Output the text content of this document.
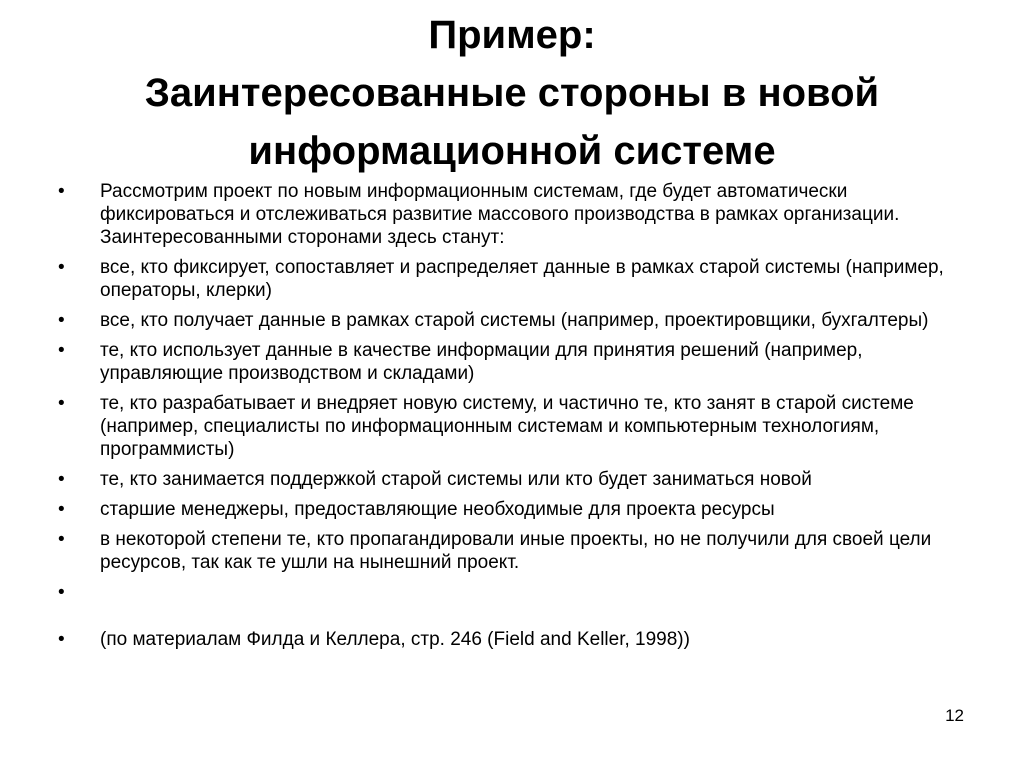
Пример:
Заинтересованные стороны в новой
информационной системе
•	Рассмотрим проект по новым информационным системам, где будет автоматически фиксироваться и отслеживаться развитие массового производства в рамках организации. Заинтересованными сторонами здесь станут:
•	все, кто фиксирует, сопоставляет и распределяет данные в рамках старой системы (например, операторы, клерки)
•	все, кто получает данные в рамках старой системы (например, проектировщики, бухгалтеры)
•	те, кто использует данные в качестве информации для принятия решений (например, управляющие производством и складами)
•	те, кто разрабатывает и внедряет новую систему, и частично те, кто занят в старой системе (например, специалисты по информационным системам и компьютерным технологиям, программисты)
•	те, кто занимается поддержкой старой системы или кто будет заниматься новой
•	старшие менеджеры, предоставляющие необходимые для проекта ресурсы
•	в некоторой степени те, кто пропагандировали иные проекты, но не получили для своей цели ресурсов, так как те ушли на нынешний проект.
•
•	(по материалам Филда и Келлера, стр. 246 (Field and Keller, 1998))
12
